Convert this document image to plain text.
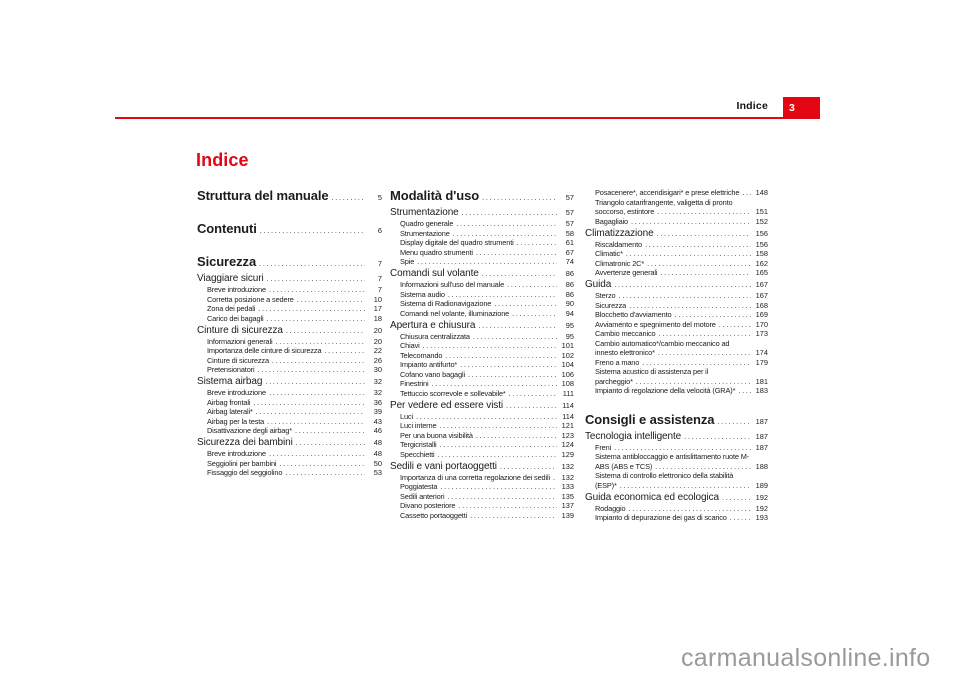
Indice	3
Indice
Struttura del manuale .....	5
Contenuti .....	6
Sicurezza .....	7
Viaggiare sicuri .....	7
Breve introduzione .....	7
Corretta posizione a sedere .....	10
Zona dei pedali .....	17
Carico dei bagagli .....	18
Cinture di sicurezza .....	20
Informazioni generali .....	20
Importanza delle cinture di sicurezza .....	22
Cinture di sicurezza .....	26
Pretensionatori .....	30
Sistema airbag .....	32
Breve introduzione .....	32
Airbag frontali .....	36
Airbag laterali* .....	39
Airbag per la testa .....	43
Disattivazione degli airbag* .....	46
Sicurezza dei bambini .....	48
Breve introduzione .....	48
Seggiolini per bambini .....	50
Fissaggio del seggiolino .....	53
Modalità d'uso .....	57
Strumentazione .....	57
Quadro generale .....	57
Strumentazione .....	58
Display digitale del quadro strumenti .....	61
Menu quadro strumenti .....	67
Spie .....	74
Comandi sul volante .....	86
Informazioni sull'uso del manuale .....	86
Sistema audio .....	86
Sistema di Radionavigazione .....	90
Comandi nel volante, illuminazione .....	94
Apertura e chiusura .....	95
Chiusura centralizzata .....	95
Chiavi .....	101
Telecomando .....	102
Impianto antifurto* .....	104
Cofano vano bagagli .....	106
Finestrini .....	108
Tettuccio scorrevole e sollevabile* .....	111
Per vedere ed essere visti .....	114
Luci .....	114
Luci interne .....	121
Per una buona visibilità .....	123
Tergicristalli .....	124
Specchietti .....	129
Sedili e vani portaoggetti .....	132
Importanza di una corretta regolazione dei sedili ..... 132
Poggiatesta .....	133
Sedili anteriori .....	135
Divano posteriore .....	137
Cassetto portaoggetti .....	139
Posacenere*, accendisigari* e prese elettriche ..... 148
Triangolo catarifrangente, valigetta di pronto
soccorso, estintore .....	151
Bagagliaio .....	152
Climatizzazione .....	156
Riscaldamento .....	156
Climatic* .....	158
Climatronic 2C* .....	162
Avvertenze generali .....	165
Guida .....	167
Sterzo .....	167
Sicurezza .....	168
Blocchetto d'avviamento .....	169
Avviamento e spegnimento del motore .....	170
Cambio meccanico .....	173
Cambio automatico*/cambio meccanico ad
innesto elettronico* .....	174
Freno a mano .....	179
Sistema acustico di assistenza per il
parcheggio* .....	181
Impianto di regolazione della velocità (GRA)* .....	183
Consigli e assistenza .....	187
Tecnologia intelligente .....	187
Freni .....	187
Sistema antibloccaggio e antislittamento ruote M-
ABS (ABS e TCS) .....	188
Sistema di controllo elettronico della stabilità
(ESP)* .....	189
Guida economica ed ecologica .....	192
Rodaggio .....	192
Impianto di depurazione dei gas di scarico .....	193
carmanualsonline.info
